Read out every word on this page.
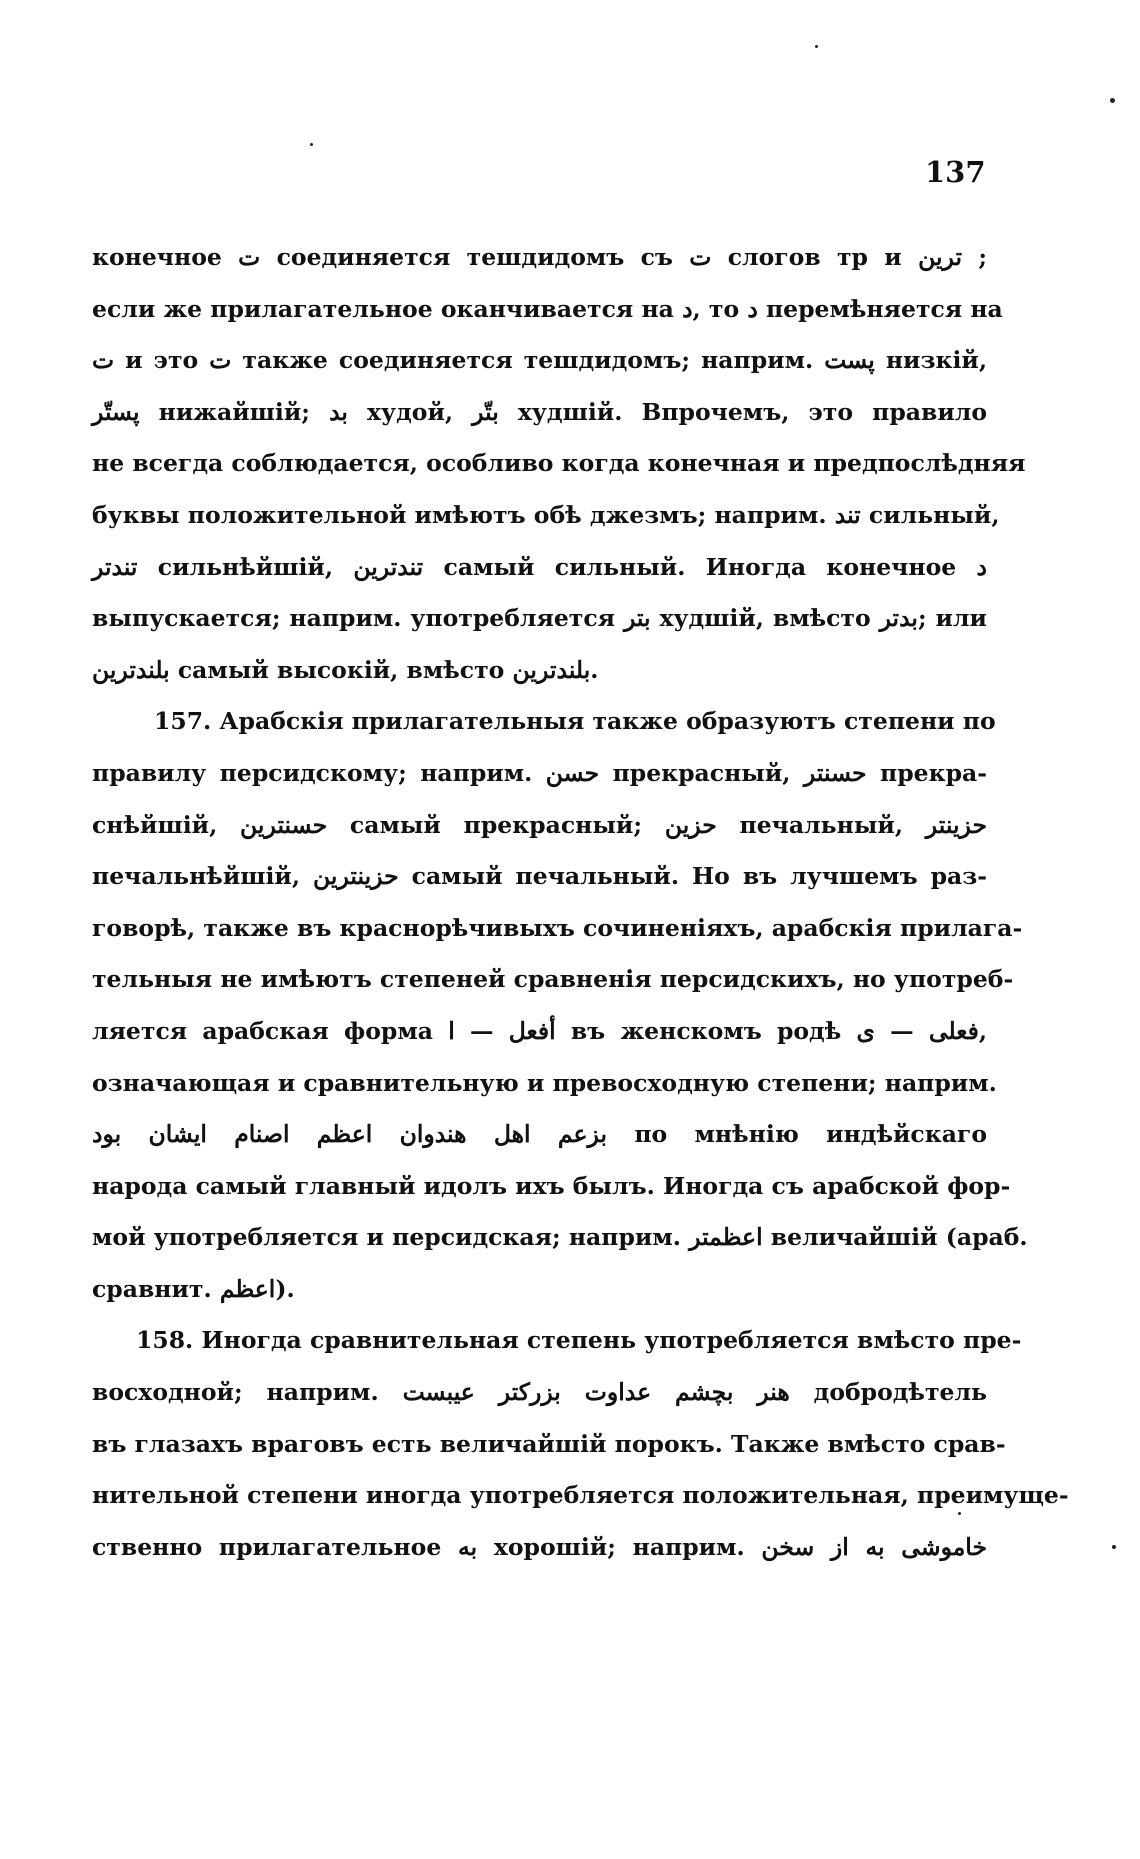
137
конечное ت соединяется тешдидомъ съ ت слогов тр и ترین ;
если же прилагательное оканчивается на د, то د перемѣняется на
ت и это ت также соединяется тешдидомъ; наприм. پست низкій,
پستّر нижайшій; بد худой, بتّر худшій. Впрочемъ, это правило
не всегда соблюдается, особливо когда конечная и предпослѣдняя
буквы положительной имѣютъ обѣ джезмъ; наприм. تند сильный,
تندتر сильнѣйшій, تندترین самый сильный. Иногда конечное د
выпускается; наприм. употребляется بتر худшій, вмѣсто بدتر; или
بلندترین самый высокій, вмѣсто بلندترین.
157. Арабскія прилагательныя также образуютъ степени по
правилу персидскому; наприм. حسن прекрасный, حسنتر прекра-
снѣйшій, حسنترین самый прекрасный; حزین печальный, حزینتر
печальнѣйшій, حزینترین самый печальный. Но въ лучшемъ раз-
говорѣ, также въ краснорѣчивыхъ сочиненіяхъ, арабскія прилага-
тельныя не имѣютъ степеней сравненія персидскихъ, но употреб-
ляется арабская форма أفعل — ا въ женскомъ родѣ فعلى — ى,
означающая и сравнительную и превосходную степени; наприм.
بزعم اهل هندوان اعظم اصنام ایشان بود по мнѣнію индѣйскаго
народа самый главный идолъ ихъ былъ. Иногда съ арабской фор-
мой употребляется и персидская; наприм. اعظمتر величайшій (араб.
сравнит. اعظم).
158. Иногда сравнительная степень употребляется вмѣсто пре-
восходной; наприм. هنر بچشم عداوت بزرکتر عیبست добродѣтель
въ глазахъ враговъ есть величайшій порокъ. Также вмѣсто срав-
нительной степени иногда употребляется положительная, преимуще-
ственно прилагательное به хорошій; наприм. خاموشی به از سخن
